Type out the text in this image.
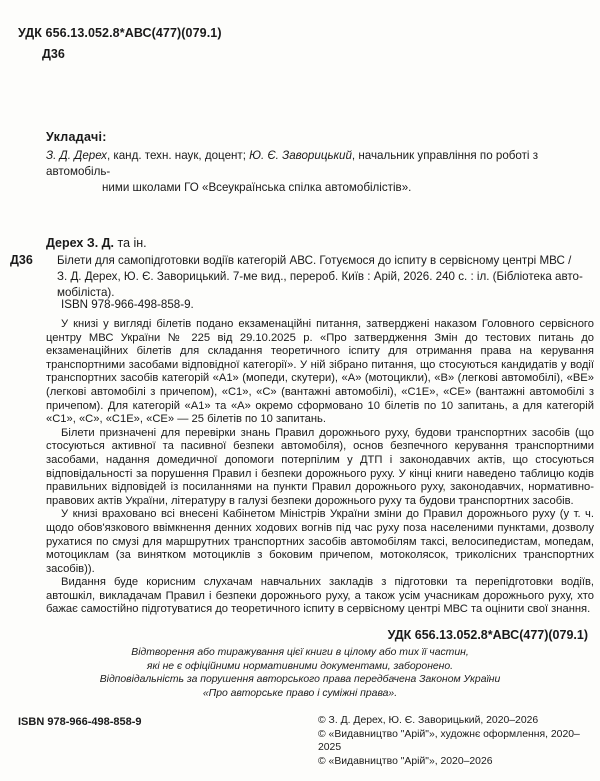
УДК 656.13.052.8*АВС(477)(079.1)
Д36
Укладачі:

З. Д. Дерех, канд. техн. наук, доцент; Ю. Є. Заворицький, начальник управління по роботі з автомобіль-

ними школами ГО «Всеукраїнська спілка автомобілістів».

Дерех З. Д. та ін.
Д36 Білети для самопідготовки водіїв категорій АВС. Готуємося до іспиту в сервісному центрі МВС /
З. Д. Дерех, Ю. Є. Заворицький. 7-ме вид., перероб. Київ : Арій, 2026. 240 с. : іл. (Бібліотека авто-
мобіліста).
ISBN 978-966-498-858-9.

У книзі у вигляді білетів подано екзаменаційні питання, затверджені наказом Головного сервісного центру МВС України № 225 від 29.10.2025 р. «Про затвердження Змін до тестових питань до екзаменаційних білетів для складання теоретичного іспиту для отримання права на керування транспортними засобами відповідної категорії». У ній зібрано питання, що стосуються кандидатів у водії транспортних засобів категорій «A1» (мопеди, скутери), «А» (мотоцикли), «В» (легкові автомобілі), «ВЕ» (легкові автомобілі з причепом), «С1», «С» (вантажні автомобілі), «С1Е», «СЕ» (вантажні автомобілі з причепом). Для категорій «A1» та «А» окремо сформовано 10 білетів по 10 запитань, а для категорій «С1», «С», «С1Е», «СЕ» — 25 білетів по 10 запитань.

Білети призначені для перевірки знань Правил дорожнього руху, будови транспортних засобів (що стосуються активної та пасивної безпеки автомобіля), основ безпечного керування транспортними засобами, надання домедичної допомоги потерпілим у ДТП і законодавчих актів, що стосуються відповідальності за порушення Правил і безпеки дорожнього руху. У кінці книги наведено таблицю кодів правильних відповідей із посиланнями на пункти Правил дорожнього руху, законодавчих, нормативно-правових актів України, літературу в галузі безпеки дорожнього руху та будови транспортних засобів.

У книзі враховано всі внесені Кабінетом Міністрів України зміни до Правил дорожнього руху (у т. ч. щодо обов'язкового ввімкнення денних ходових вогнів під час руху поза населеними пунктами, дозволу рухатися по смузі для маршрутних транспортних засобів автомобілям таксі, велосипедистам, мопедам, мотоциклам (за винятком мотоциклів з боковим причепом, мотоколясок, триколісних транспортних засобів)).

Видання буде корисним слухачам навчальних закладів з підготовки та перепідготовки водіїв, автошкіл, викладачам Правил і безпеки дорожнього руху, а також усім учасникам дорожнього руху, хто бажає самостійно підготуватися до теоретичного іспиту в сервісному центрі МВС та оцінити свої знання.

УДК 656.13.052.8*АВС(477)(079.1)

Відтворення або тиражування цієї книги в цілому або тих її частин,

які не є офіційними нормативними документами, заборонено.

Відповідальність за порушення авторського права передбачена Законом України

«Про авторське право і суміжні права».

ISBN 978-966-498-858-9	© З. Д. Дерех, Ю. Є. Заворицький, 2020–2026

© «Видавництво "Арій"», художнє оформлення, 2020–2025

© «Видавництво "Арій"», 2020–2026
